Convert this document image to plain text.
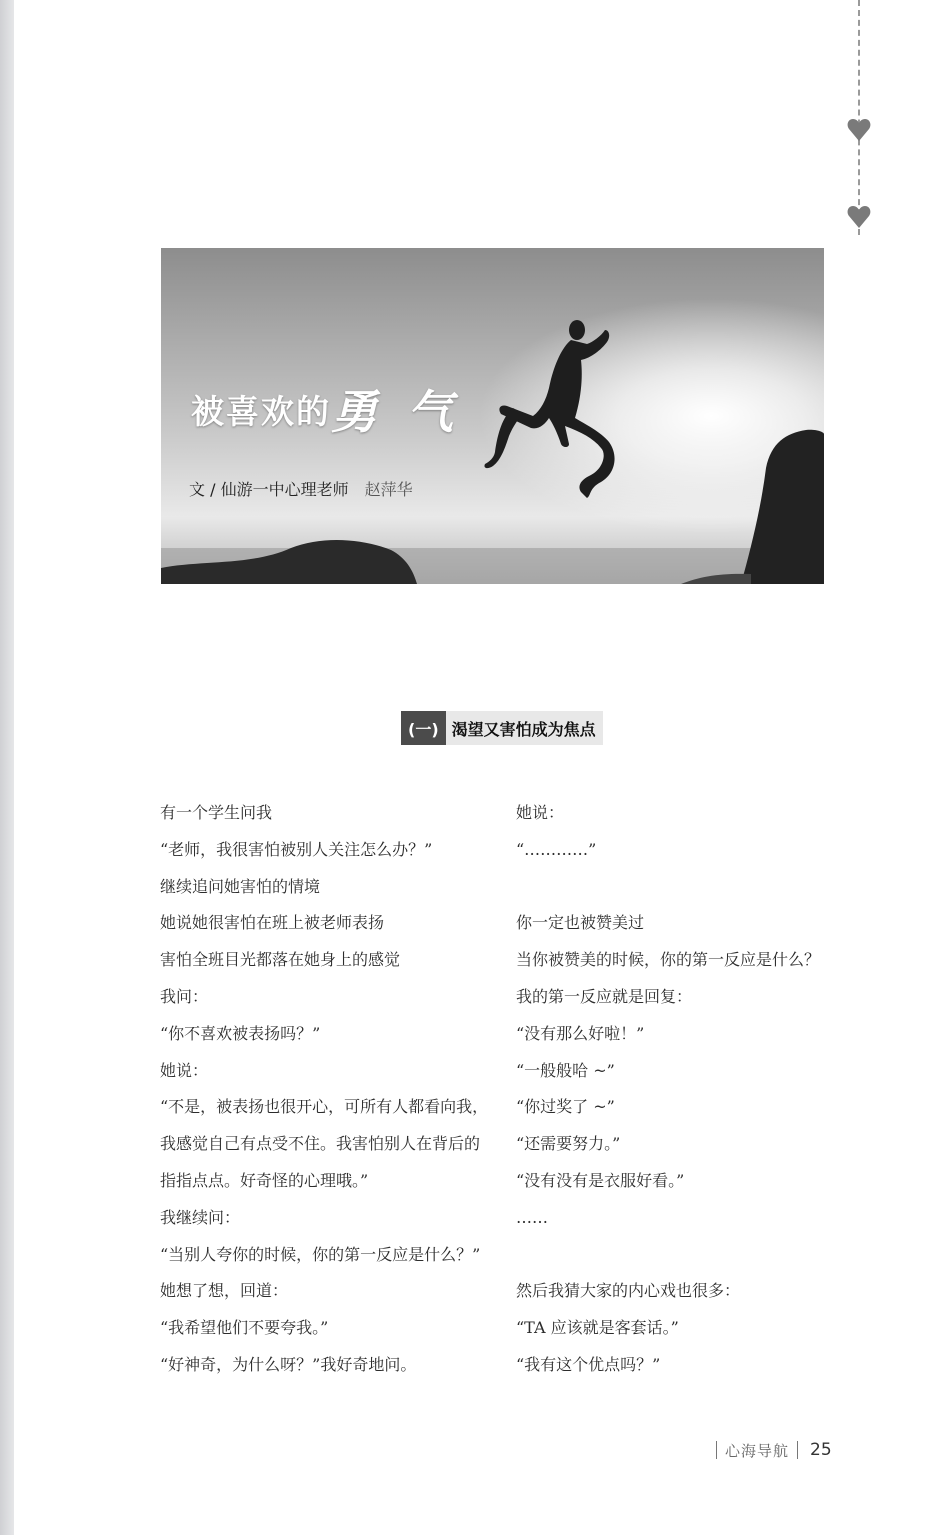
被喜欢的 勇气
文 / 仙游一中心理老师 赵萍华
(一) 渴望又害怕成为焦点
有一个学生问我
“老师，我很害怕被别人关注怎么办？”
继续追问她害怕的情境
她说她很害怕在班上被老师表扬
害怕全班目光都落在她身上的感觉
我问：
“你不喜欢被表扬吗？”
她说：
“不是，被表扬也很开心，可所有人都看向我，
我感觉自己有点受不住。我害怕别人在背后的
指指点点。好奇怪的心理哦。”
我继续问：
“当别人夸你的时候，你的第一反应是什么？”
她想了想，回道：
“我希望他们不要夸我。”
“好神奇，为什么呀？”我好奇地问。
她说：
“…………”
你一定也被赞美过
当你被赞美的时候，你的第一反应是什么？
我的第一反应就是回复：
“没有那么好啦！”
“一般般哈 ~”
“你过奖了 ~”
“还需要努力。”
“没有没有是衣服好看。”
……
然后我猜大家的内心戏也很多：
“TA 应该就是客套话。”
“我有这个优点吗？”
心海导航	25
